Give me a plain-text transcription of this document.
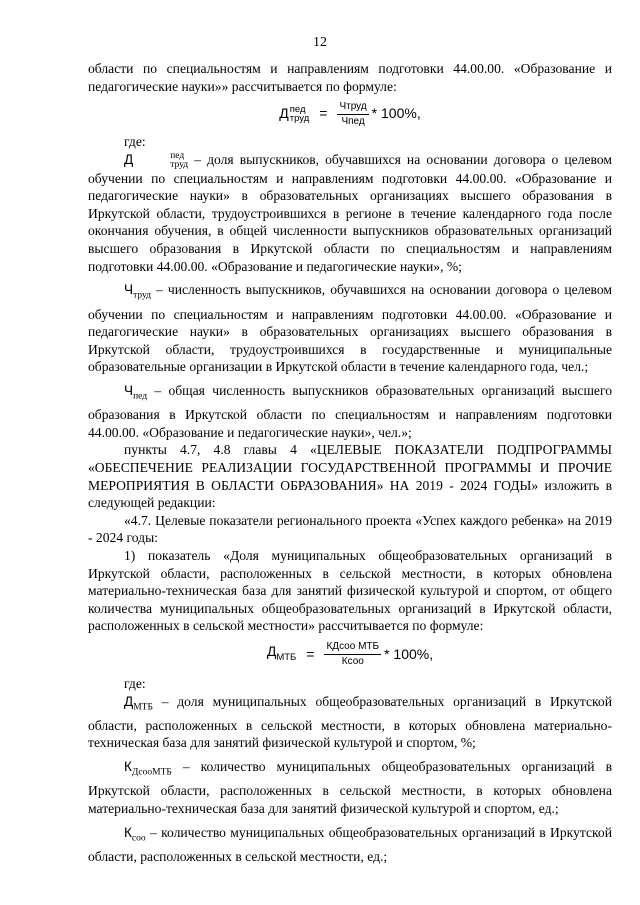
12

области по специальностям и направлениям подготовки 44.00.00. «Образование и педагогические науки»» рассчитывается по формуле:

Д пед
труд = $\frac{\text{Чтруд}}{\text{Чпед}} * 100\%$,

где:

Д	пед
труд – доля выпускников, обучавшихся на основании договора о целевом обучении по специальностям и направлениям подготовки 44.00.00. «Образование и педагогические науки» в образовательных организациях высшего образования в Иркутской области, трудоустроившихся в регионе в течение календарного года после окончания обучения, в общей численности выпускников образовательных организаций высшего образования в Иркутской области по специальностям и направлениям подготовки 44.00.00. «Образование и педагогические науки», %;

$Ч_{труд}$ – численность выпускников, обучавшихся на основании договора о целевом обучении по специальностям и направлениям подготовки 44.00.00. «Образование и педагогические науки» в образовательных организациях высшего образования в Иркутской области, трудоустроившихся в государственные и муниципальные образовательные организации в Иркутской области в течение календарного года, чел.;

$Ч_{пед}$ – общая численность выпускников образовательных организаций высшего образования в Иркутской области по специальностям и направлениям подготовки 44.00.00. «Образование и педагогические науки», чел.»;

пункты 4.7, 4.8 главы 4 «ЦЕЛЕВЫЕ ПОКАЗАТЕЛИ ПОДПРОГРАММЫ «ОБЕСПЕЧЕНИЕ РЕАЛИЗАЦИИ ГОСУДАРСТВЕННОЙ ПРОГРАММЫ И ПРОЧИЕ МЕРОПРИЯТИЯ В ОБЛАСТИ ОБРАЗОВАНИЯ» НА 2019 - 2024 ГОДЫ» изложить в следующей редакции:

«4.7. Целевые показатели регионального проекта «Успех каждого ребенка» на 2019 - 2024 годы:

1) показатель «Доля муниципальных общеобразовательных организаций в Иркутской области, расположенных в сельской местности, в которых обновлена материально-техническая база для занятий физической культурой и спортом, от общего количества муниципальных общеобразовательных организаций в Иркутской области, расположенных в сельской местности» рассчитывается по формуле:

$Д_{МТБ} = \frac{\text{КДсоо МТБ}}{\text{Ксоо}} * 100\%$,

где:

$Д_{МТБ}$ – доля муниципальных общеобразовательных организаций в Иркутской области, расположенных в сельской местности, в которых обновлена материально-техническая база для занятий физической культурой и спортом, %;

$К_{ДсооМТБ}$ – количество муниципальных общеобразовательных организаций в Иркутской области, расположенных в сельской местности, в которых обновлена материально-техническая база для занятий физической культурой и спортом, ед.;

$К_{соо}$ – количество муниципальных общеобразовательных организаций в Иркутской области, расположенных в сельской местности, ед.;
